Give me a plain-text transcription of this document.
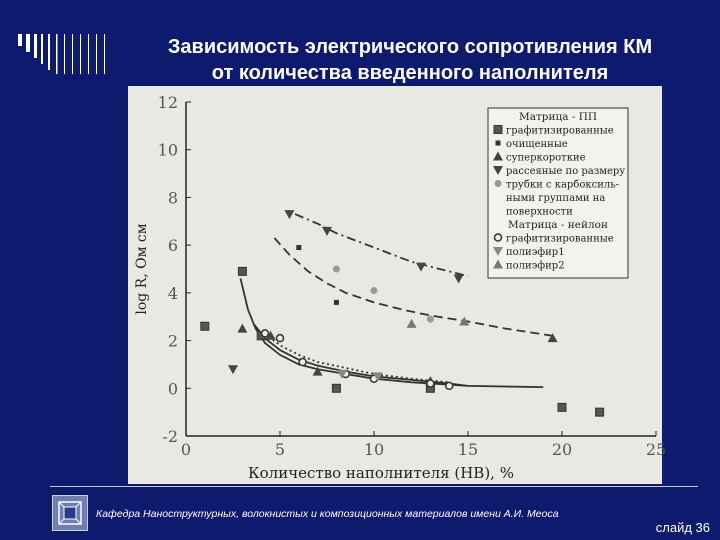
Зависимость электрического сопротивления КМ
от количества введенного наполнителя
0	5	10	15	20	25
-2
0
2
4
6
8
10
12
Количество наполнителя (НВ), %
log R, Ом см
Матрица - ПП
графитизированные
очищенные
суперкороткие
рассеяные по размеру
трубки с карбоксиль-
ными группами на
поверхности
Матрица - нейлон
графитизированные
полиэфир1
полиэфир2
Кафедра Наноструктурных, волокнистых и композиционных материалов имени А.И. Меоса
слайд 36
